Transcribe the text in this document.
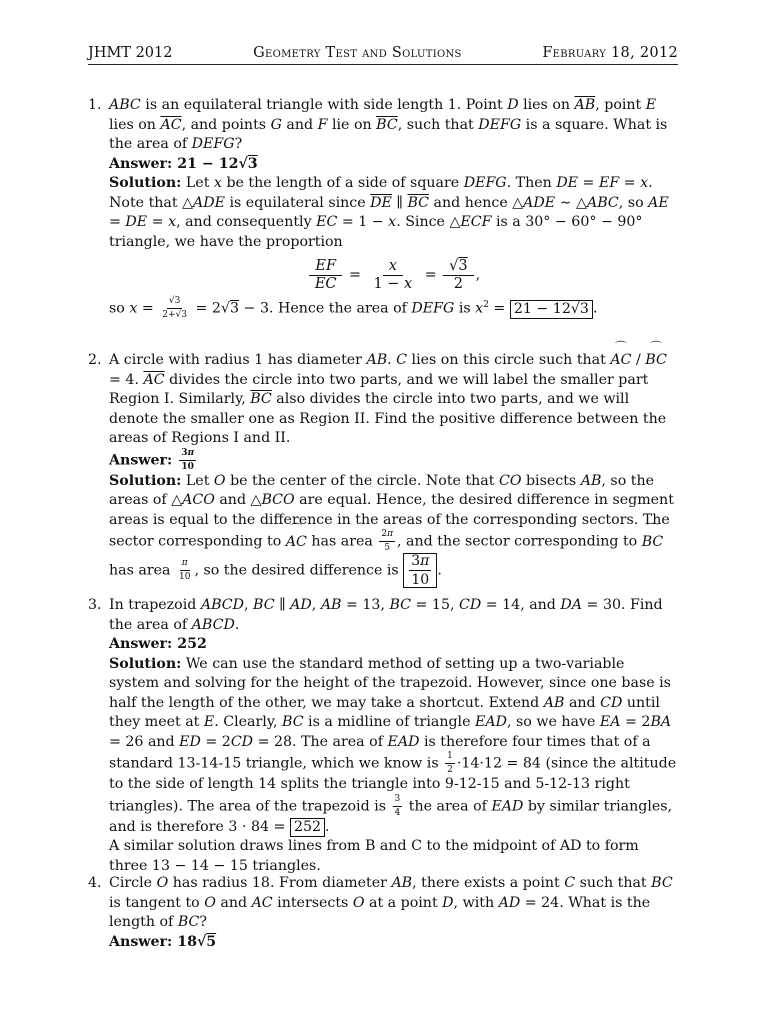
JHMT 2012	Geometry Test and Solutions	February 18, 2012
1. ABC is an equilateral triangle with side length 1. Point D lies on $\overline{AB}$, point E lies on $\overline{AC}$, and points G and F lie on $\overline{BC}$, such that DEFG is a square. What is the area of DEFG?

Answer: 21 − 12√3

Solution: Let x be the length of a side of square DEFG. Then DE = EF = x. Note that △ADE is equilateral since $\overline{DE}$ ∥ $\overline{BC}$ and hence △ADE ∼ △ABC, so AE = DE = x, and consequently EC = 1 − x. Since △ECF is a 30° − 60° − 90° triangle, we have the proportion

$\frac{EF}{EC} = \frac{x}{1 - x} = \frac{√3}{2}$ ,

so $x = \frac{√3}{2+√3} = 2√3 - 3$. Hence the area of DEFG is $x^2 = 21 - 12√3$ .

2. A circle with radius 1 has diameter AB. C lies on this circle such that ⌒ AC / ⌒ BC= 4. $\overline{AC}$ divides the circle into two parts, and we will label the smaller part Region I. Similarly, $\overline{BC}$ also divides the circle into two parts, and we will denote the smaller one as Region II. Find the positive difference between the areas of Regions I and II.

Answer: $\frac{3\pi}{10}$

Solution: Let O be the center of the circle. Note that CO bisects AB, so the areas of △ACO and △BCO are equal. Hence, the desired difference in segment areas is equal to the difference in the areas of the corresponding sectors. The sector corresponding to ⌒ AC has area $\frac{2\pi}{5}$ , and the sector corresponding to ⌒ BC has area $\frac{\pi}{10}$ , so the desired difference is $\frac{3\pi}{10}$ .

3. In trapezoid ABCD, BC ∥ AD, AB = 13, BC = 15, CD = 14, and DA = 30. Find the area of ABCD.

Answer: 252

Solution: We can use the standard method of setting up a two-variable system and solving for the height of the trapezoid. However, since one base is half the length of the other, we may take a shortcut. Extend AB and CD until they meet at E. Clearly, BC is a midline of triangle EAD, so we have EA = 2BA = 26 and ED = 2CD = 28. The area of EAD is therefore four times that of a standard 13-14-15 triangle, which we know is $\frac{1}{2} \cdot 14\cdot 12 = 84$ (since the altitude to the side of length 14 splits the triangle into 9-12-15 and 5-12-13 right triangles). The area of the trapezoid is $\frac{3}{4}$ the area of EAD by similar triangles, and is therefore 3 · 84 = 252 .

A similar solution draws lines from B and C to the midpoint of AD to form three 13 − 14 − 15 triangles.

4. Circle O has radius 18. From diameter AB, there exists a point C such that BC is tangent to O and AC intersects O at a point D, with AD = 24. What is the length of BC?

Answer: 18√5
